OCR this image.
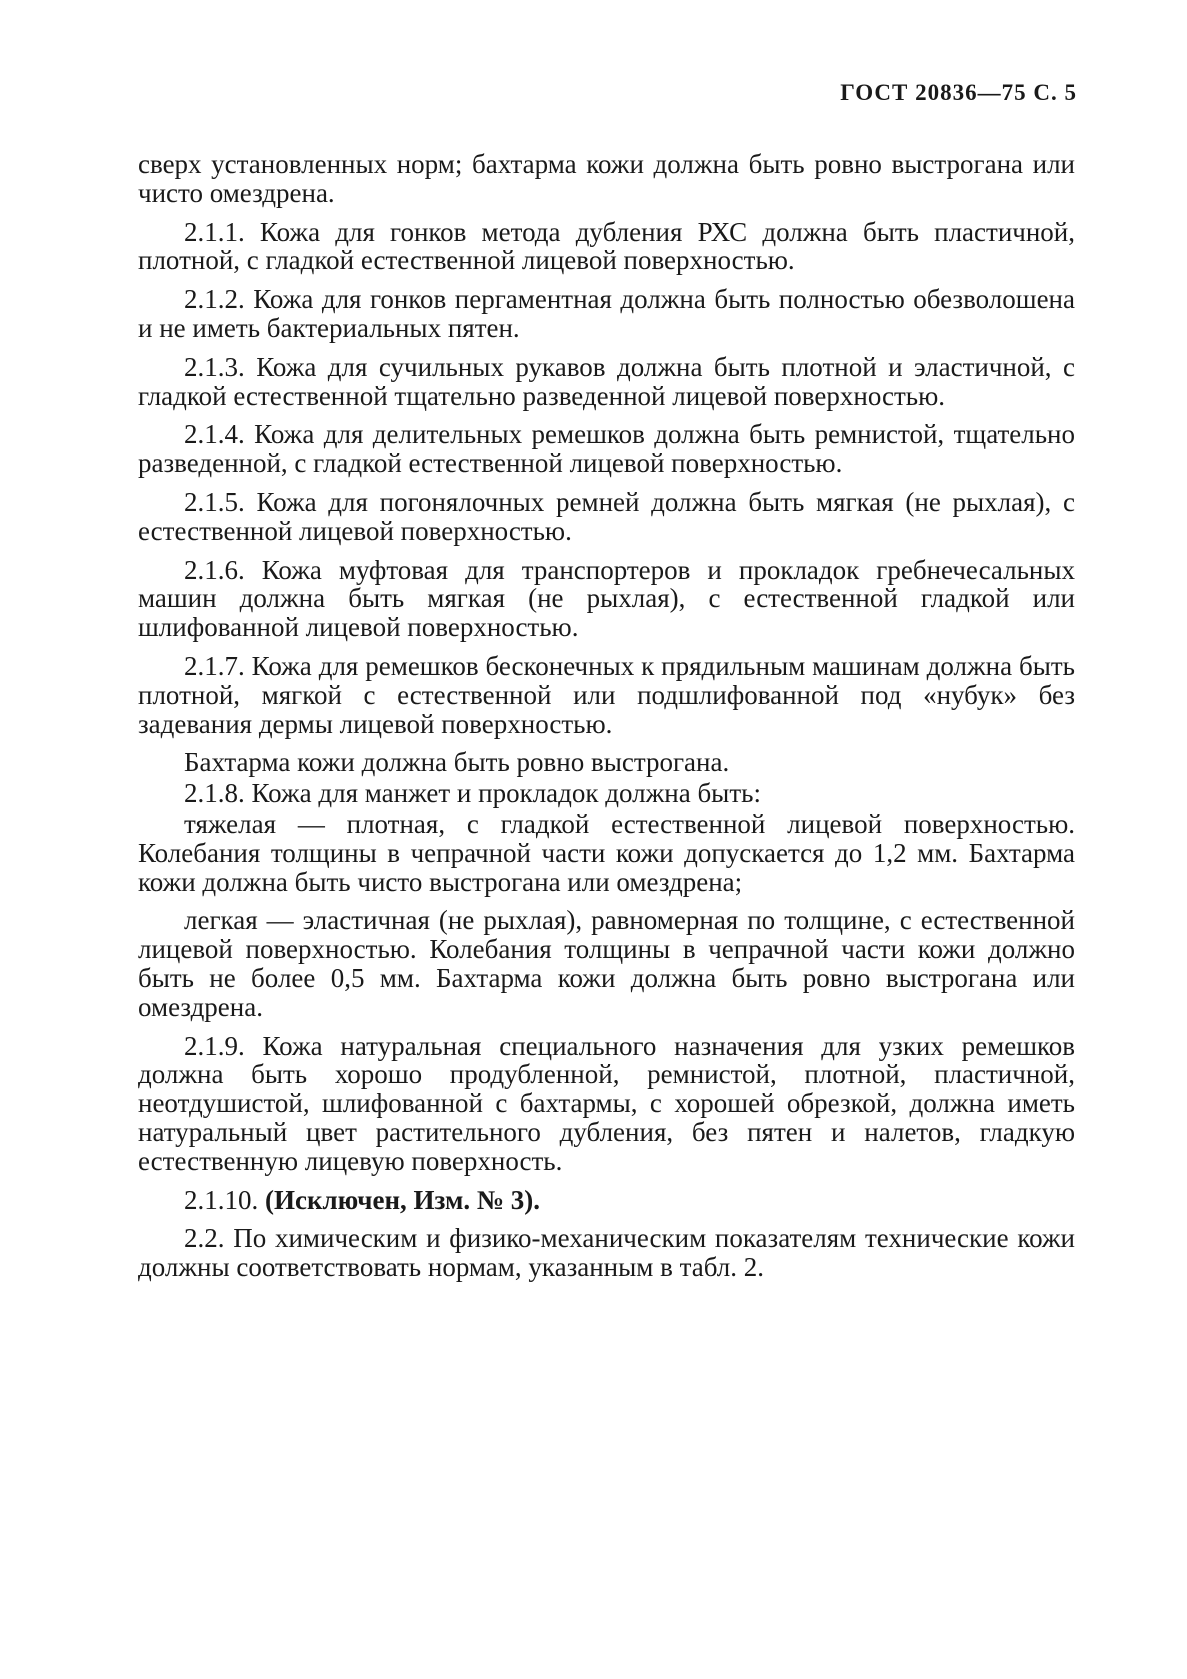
ГОСТ 20836—75 С. 5

сверх установленных норм; бахтарма кожи должна быть ровно выстрогана или чисто омездрена.

2.1.1. Кожа для гонков метода дубления РХС должна быть пластичной, плотной, с гладкой естественной лицевой поверхностью.

2.1.2. Кожа для гонков пергаментная должна быть полностью обезволошена и не иметь бактериальных пятен.

2.1.3. Кожа для сучильных рукавов должна быть плотной и эластичной, с гладкой естественной тщательно разведенной лицевой поверхностью.

2.1.4. Кожа для делительных ремешков должна быть ремнистой, тщательно разведенной, с гладкой естественной лицевой поверхностью.

2.1.5. Кожа для погонялочных ремней должна быть мягкая (не рыхлая), с естественной лицевой поверхностью.

2.1.6. Кожа муфтовая для транспортеров и прокладок гребнечесальных машин должна быть мягкая (не рыхлая), с естественной гладкой или шлифованной лицевой поверхностью.

2.1.7. Кожа для ремешков бесконечных к прядильным машинам должна быть плотной, мягкой с естественной или подшлифованной под «нубук» без задевания дермы лицевой поверхностью.

Бахтарма кожи должна быть ровно выстрогана.

2.1.8. Кожа для манжет и прокладок должна быть:

тяжелая — плотная, с гладкой естественной лицевой поверхностью. Колебания толщины в чепрачной части кожи допускается до 1,2 мм. Бахтарма кожи должна быть чисто выстрогана или омездрена;

легкая — эластичная (не рыхлая), равномерная по толщине, с естественной лицевой поверхностью. Колебания толщины в чепрачной части кожи должно быть не более 0,5 мм. Бахтарма кожи должна быть ровно выстрогана или омездрена.

2.1.9. Кожа натуральная специального назначения для узких ремешков должна быть хорошо продубленной, ремнистой, плотной, пластичной, неотдушистой, шлифованной с бахтармы, с хорошей обрезкой, должна иметь натуральный цвет растительного дубления, без пятен и налетов, гладкую естественную лицевую поверхность.

2.1.10. (Исключен, Изм. № 3).

2.2. По химическим и физико-механическим показателям технические кожи должны соответствовать нормам, указанным в табл. 2.
